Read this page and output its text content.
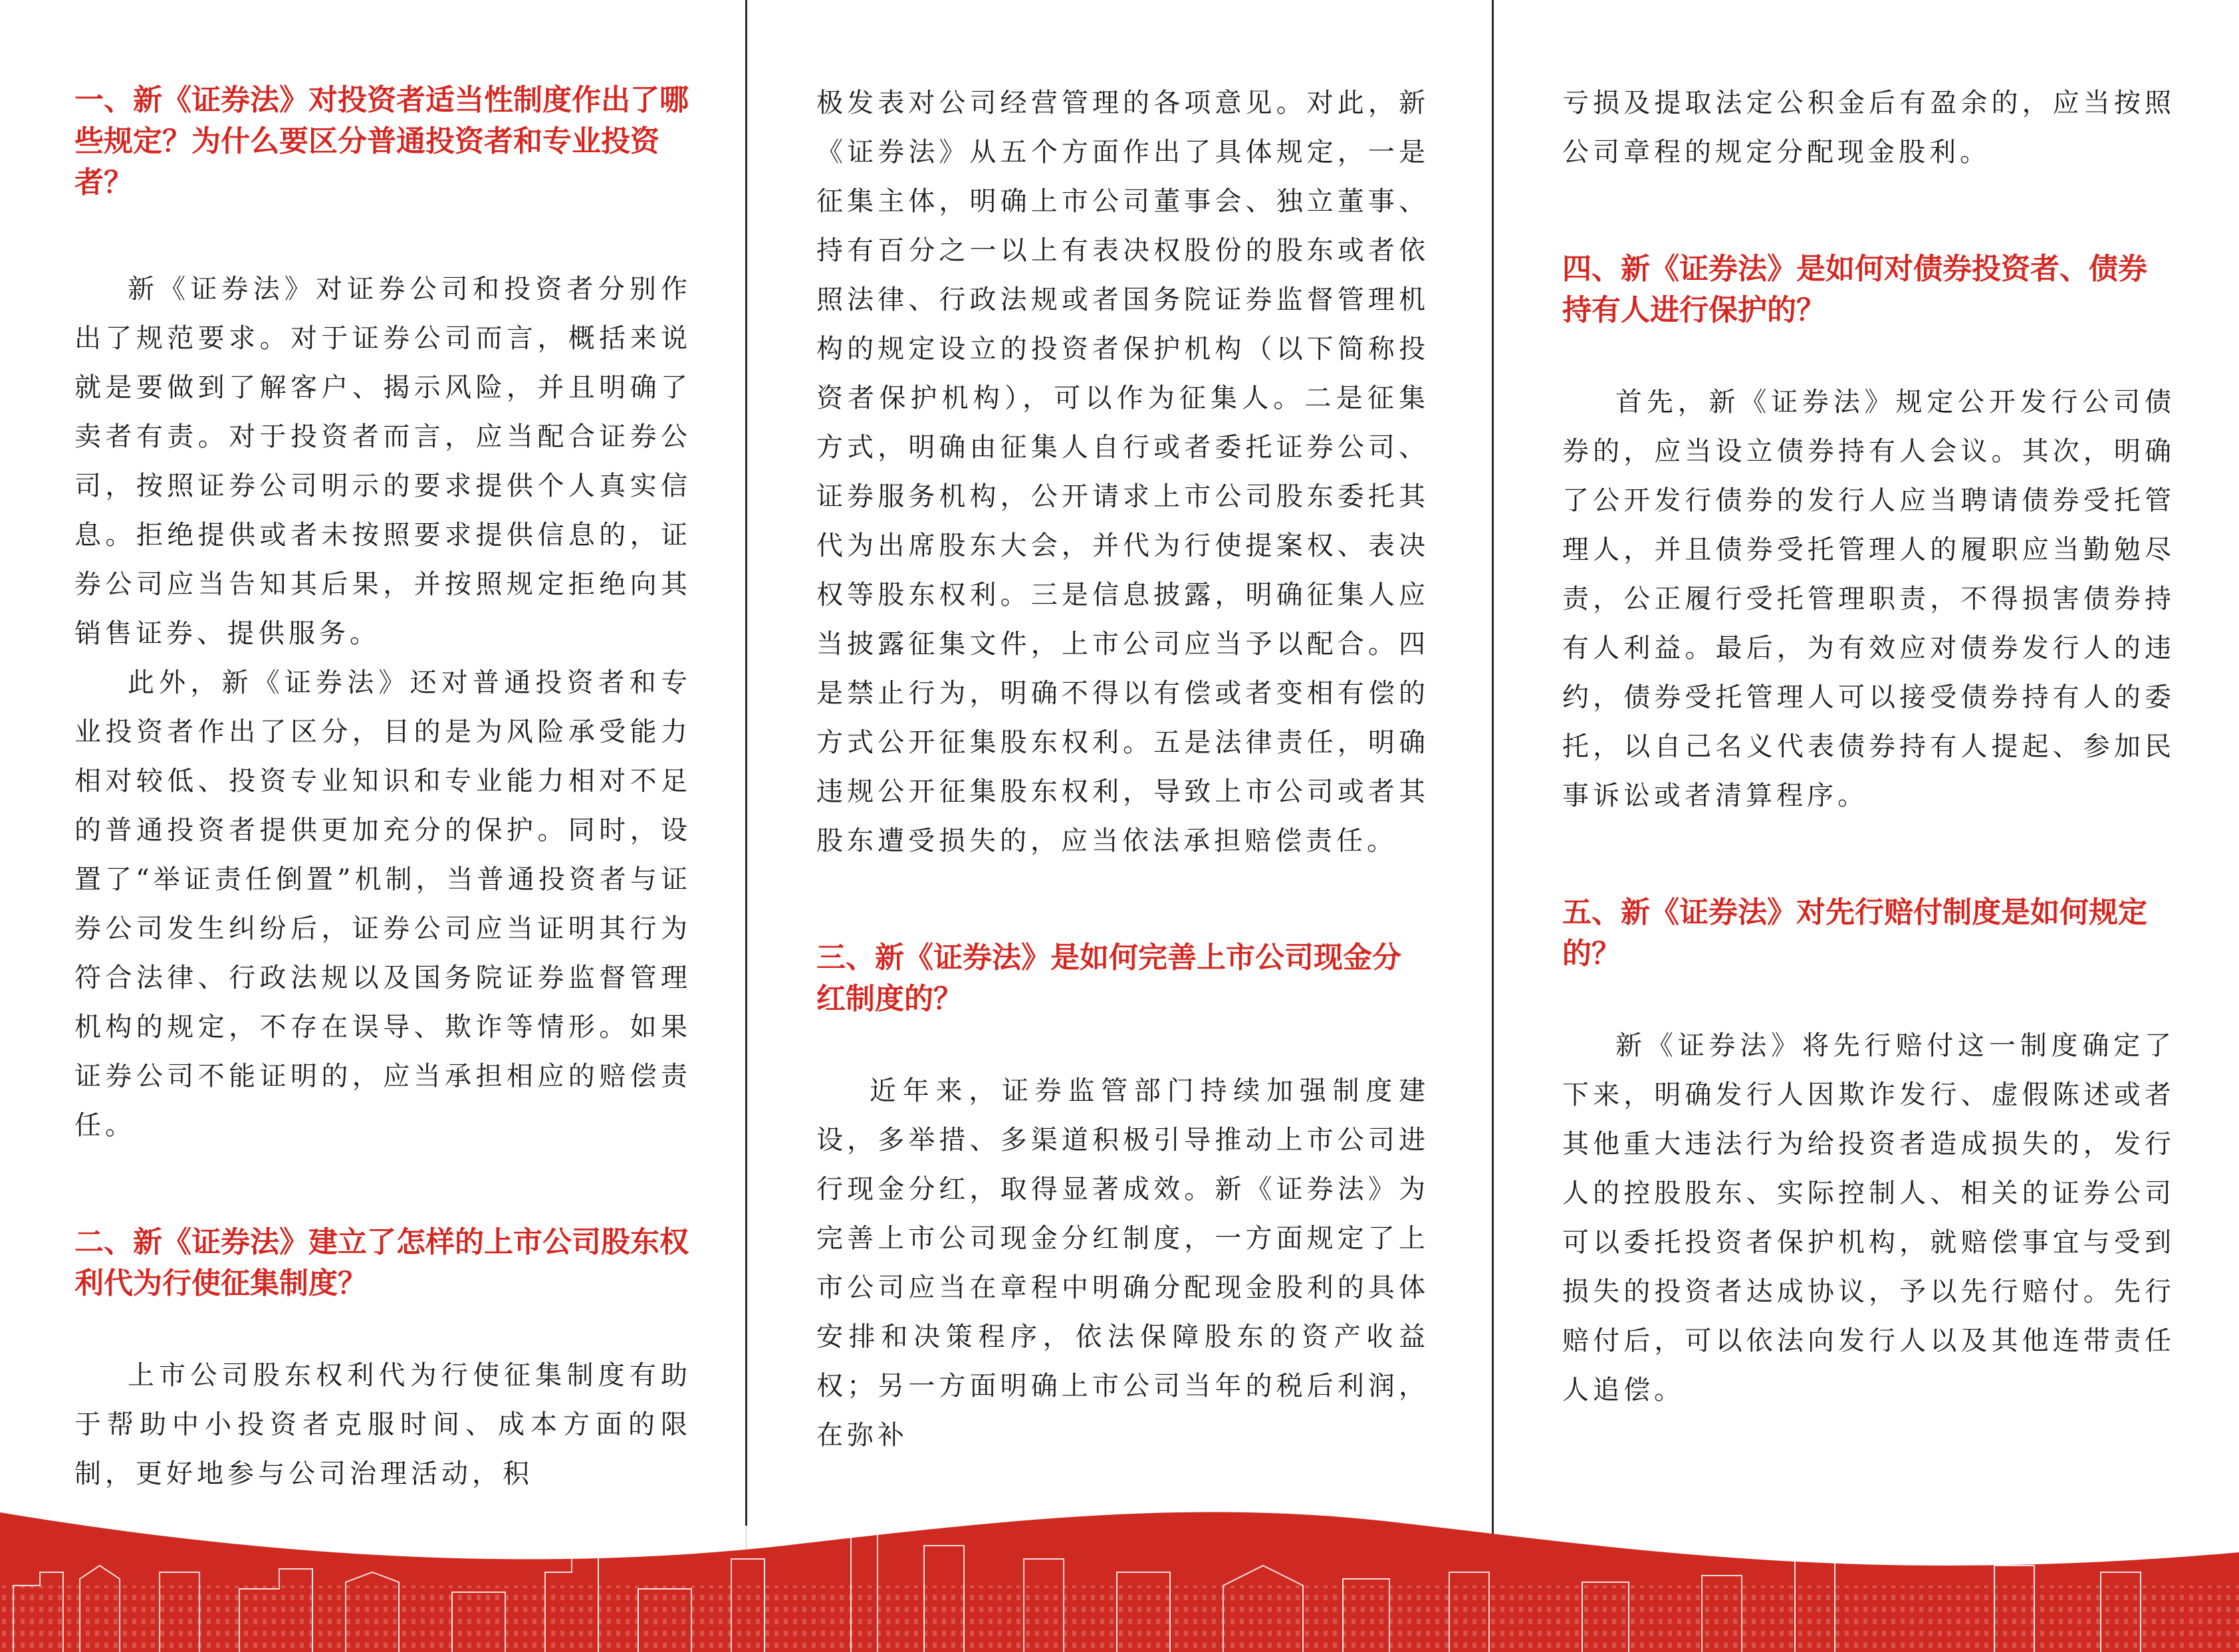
一、新《证券法》对投资者适当性制度作出了哪些规定？为什么要区分普通投资者和专业投资者？

新《证券法》对证券公司和投资者分别作出了规范要求。对于证券公司而言，概括来说就是要做到了解客户、揭示风险，并且明确了卖者有责。对于投资者而言，应当配合证券公司，按照证券公司明示的要求提供个人真实信息。拒绝提供或者未按照要求提供信息的，证券公司应当告知其后果，并按照规定拒绝向其销售证券、提供服务。

此外，新《证券法》还对普通投资者和专业投资者作出了区分，目的是为风险承受能力相对较低、投资专业知识和专业能力相对不足的普通投资者提供更加充分的保护。同时，设置了“举证责任倒置”机制，当普通投资者与证券公司发生纠纷后，证券公司应当证明其行为符合法律、行政法规以及国务院证券监督管理机构的规定，不存在误导、欺诈等情形。如果证券公司不能证明的，应当承担相应的赔偿责任。

二、新《证券法》建立了怎样的上市公司股东权利代为行使征集制度？

上市公司股东权利代为行使征集制度有助于帮助中小投资者克服时间、成本方面的限制，更好地参与公司治理活动，积

极发表对公司经营管理的各项意见。对此，新《证券法》从五个方面作出了具体规定，一是征集主体，明确上市公司董事会、独立董事、持有百分之一以上有表决权股份的股东或者依照法律、行政法规或者国务院证券监督管理机构的规定设立的投资者保护机构（以下简称投资者保护机构），可以作为征集人。二是征集方式，明确由征集人自行或者委托证券公司、证券服务机构，公开请求上市公司股东委托其代为出席股东大会，并代为行使提案权、表决权等股东权利。三是信息披露，明确征集人应当披露征集文件，上市公司应当予以配合。四是禁止行为，明确不得以有偿或者变相有偿的方式公开征集股东权利。五是法律责任，明确违规公开征集股东权利，导致上市公司或者其股东遭受损失的，应当依法承担赔偿责任。

三、新《证券法》是如何完善上市公司现金分红制度的？

近年来，证券监管部门持续加强制度建设，多举措、多渠道积极引导推动上市公司进行现金分红，取得显著成效。新《证券法》为完善上市公司现金分红制度，一方面规定了上市公司应当在章程中明确分配现金股利的具体安排和决策程序，依法保障股东的资产收益权；另一方面明确上市公司当年的税后利润，在弥补

亏损及提取法定公积金后有盈余的，应当按照公司章程的规定分配现金股利。

四、新《证券法》是如何对债券投资者、债券持有人进行保护的？

首先，新《证券法》规定公开发行公司债券的，应当设立债券持有人会议。其次，明确了公开发行债券的发行人应当聘请债券受托管理人，并且债券受托管理人的履职应当勤勉尽责，公正履行受托管理职责，不得损害债券持有人利益。最后，为有效应对债券发行人的违约，债券受托管理人可以接受债券持有人的委托，以自己名义代表债券持有人提起、参加民事诉讼或者清算程序。

五、新《证券法》对先行赔付制度是如何规定的？

新《证券法》将先行赔付这一制度确定了下来，明确发行人因欺诈发行、虚假陈述或者其他重大违法行为给投资者造成损失的，发行人的控股股东、实际控制人、相关的证券公司可以委托投资者保护机构，就赔偿事宜与受到损失的投资者达成协议，予以先行赔付。先行赔付后，可以依法向发行人以及其他连带责任人追偿。
